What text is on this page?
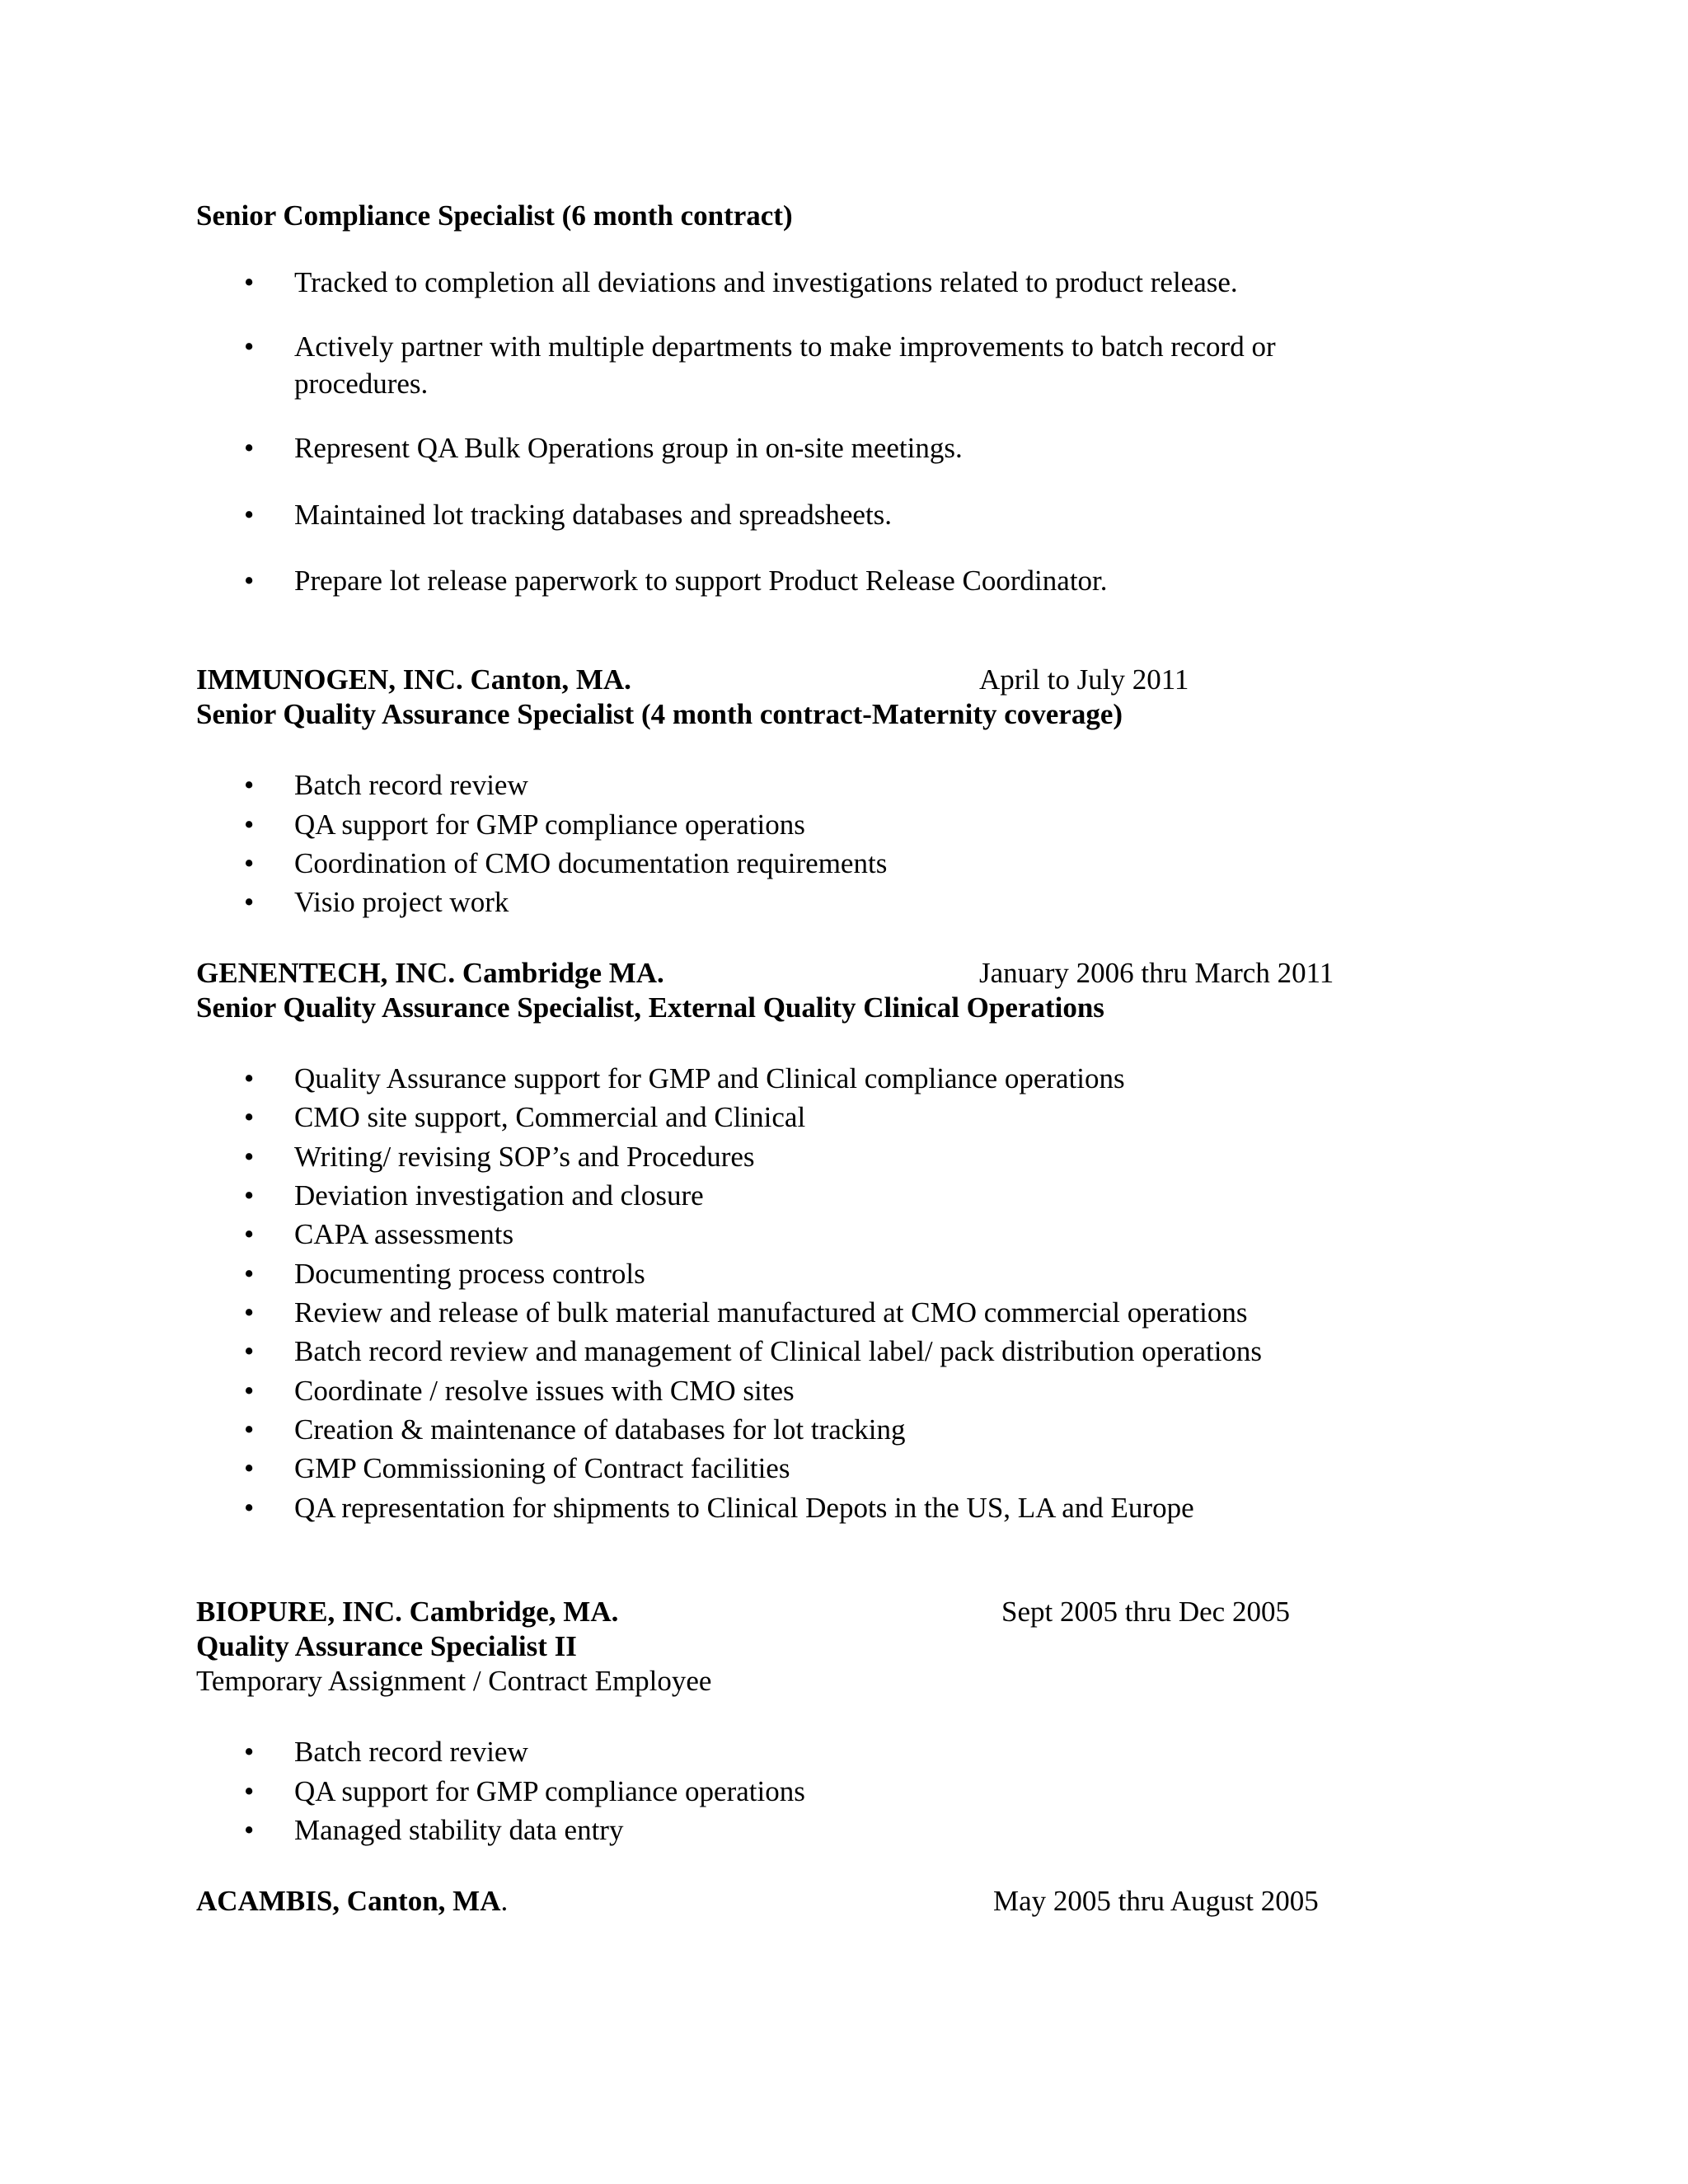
Senior Compliance Specialist (6 month contract)
• Tracked to completion all deviations and investigations related to product release.
• Actively partner with multiple departments to make improvements to batch record or
procedures.
• Represent QA Bulk Operations group in on-site meetings.
• Maintained lot tracking databases and spreadsheets.
• Prepare lot release paperwork to support Product Release Coordinator.
IMMUNOGEN, INC. Canton, MA.	April to July 2011
Senior Quality Assurance Specialist (4 month contract-Maternity coverage)
• Batch record review
• QA support for GMP compliance operations
• Coordination of CMO documentation requirements
• Visio project work
GENENTECH, INC. Cambridge MA.	January 2006 thru March 2011
Senior Quality Assurance Specialist, External Quality Clinical Operations
• Quality Assurance support for GMP and Clinical compliance operations
• CMO site support, Commercial and Clinical
• Writing/ revising SOP’s and Procedures
• Deviation investigation and closure
• CAPA assessments
• Documenting process controls
• Review and release of bulk material manufactured at CMO commercial operations
• Batch record review and management of Clinical label/ pack distribution operations
• Coordinate / resolve issues with CMO sites
• Creation & maintenance of databases for lot tracking
• GMP Commissioning of Contract facilities
• QA representation for shipments to Clinical Depots in the US, LA and Europe
BIOPURE, INC. Cambridge, MA.	Sept 2005 thru Dec 2005
Quality Assurance Specialist II
Temporary Assignment / Contract Employee
• Batch record review
• QA support for GMP compliance operations
• Managed stability data entry
ACAMBIS, Canton, MA.	May 2005 thru August 2005
